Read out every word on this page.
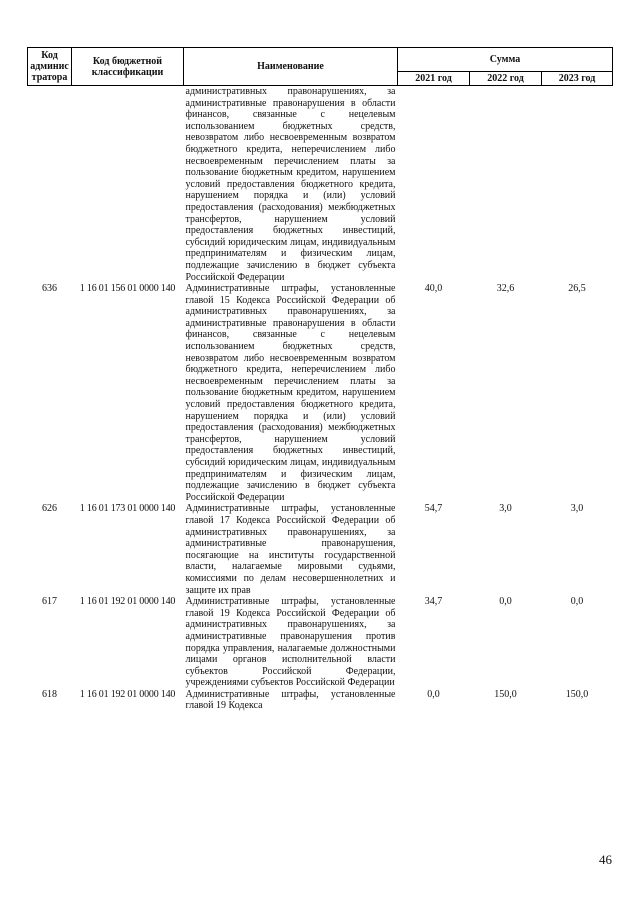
Код админис тратора	Код бюджетной классификации	Наименование	Сумма		
			2021 год	2022 год	2023 год

		административных правонарушениях, за административные правонарушения в области финансов, связанные с нецелевым использованием бюджетных средств, невозвратом либо несвоевременным возвратом бюджетного кредита, неперечислением либо несвоевременным перечислением платы за пользование бюджетным кредитом, нарушением условий предоставления бюджетного кредита, нарушением порядка и (или) условий предоставления (расходования) межбюджетных трансфертов, нарушением условий предоставления бюджетных инвестиций, субсидий юридическим лицам, индивидуальным предпринимателям и физическим лицам, подлежащие зачислению в бюджет субъекта Российской Федерации			

636	1 16 01 156 01 0000 140	Административные штрафы, установленные главой 15 Кодекса Российской Федерации об административных правонарушениях, за административные правонарушения в области финансов, связанные с нецелевым использованием бюджетных средств, невозвратом либо несвоевременным возвратом бюджетного кредита, неперечислением либо несвоевременным перечислением платы за пользование бюджетным кредитом, нарушением условий предоставления бюджетного кредита, нарушением порядка и (или) условий предоставления (расходования) межбюджетных трансфертов, нарушением условий предоставления бюджетных инвестиций, субсидий юридическим лицам, индивидуальным предпринимателям и физическим лицам, подлежащие зачислению в бюджет субъекта Российской Федерации	40,0	32,6	26,5
626	1 16 01 173 01 0000 140	Административные штрафы, установленные главой 17 Кодекса Российской Федерации об административных правонарушениях, за административные правонарушения, посягающие на институты государственной власти, налагаемые мировыми судьями, комиссиями по делам несовершеннолетних и защите их прав	54,7	3,0	3,0
617	1 16 01 192 01 0000 140	Административные штрафы, установленные главой 19 Кодекса Российской Федерации об административных правонарушениях, за административные правонарушения против порядка управления, налагаемые должностными лицами органов исполнительной власти субъектов Российской Федерации, учреждениями субъектов Российской Федерации	34,7	0,0	0,0
618	1 16 01 192 01 0000 140	Административные штрафы, установленные главой 19 Кодекса	0,0	150,0	150,0
46
